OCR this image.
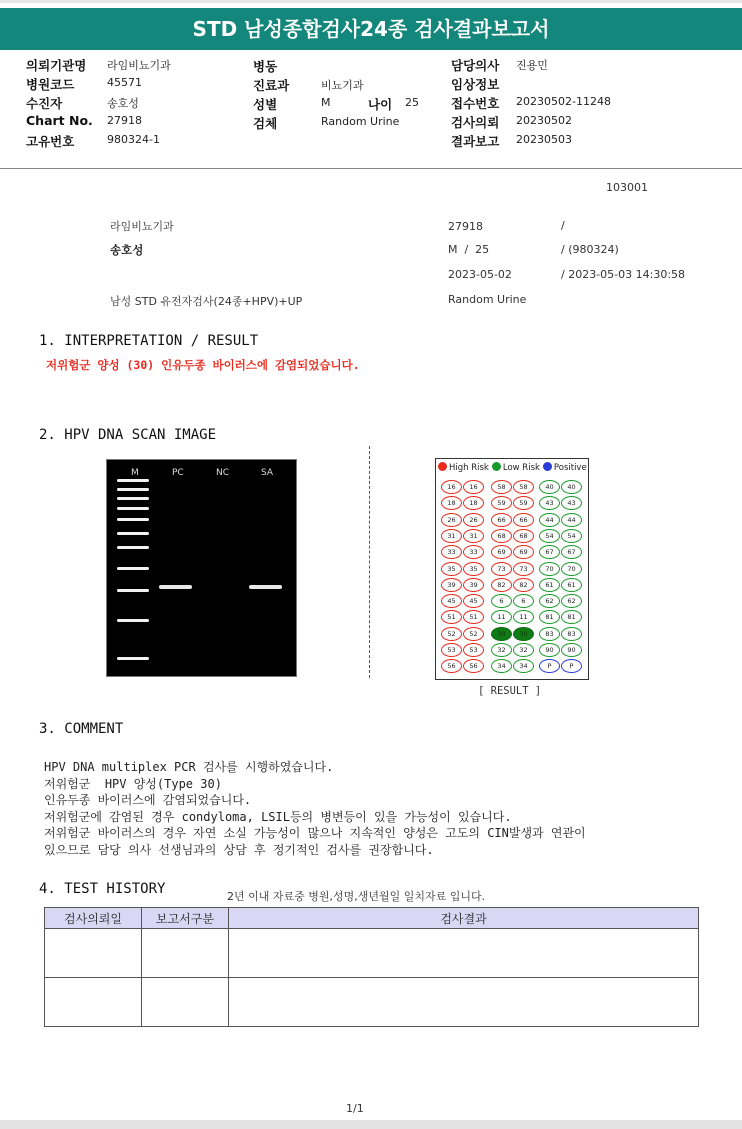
STD 남성종합검사24종 검사결과보고서
의뢰기관명 라임비뇨기과
병원코드	45571
수진자	송호성
Chart No. 27918
고유번호	980324-1
병동
진료과	비뇨기과
성별	M	나이 25
검체	Random Urine
담당의사 진용민
임상정보
접수번호 20230502-11248
검사의뢰 20230502
결과보고 20230503
103001
라임비뇨기과	27918	/
송호성	M  /  25	/ (980324)
2023-05-02	/ 2023-05-03 14:30:58
남성 STD 유전자검사(24종+HPV)+UP	Random Urine
1. INTERPRETATION / RESULT
저위험군 양성 (30) 인유두종 바이러스에 감염되었습니다.
2. HPV DNA SCAN IMAGE
M	PC	NC	SA	High Risk Low Risk Positive
16	16	58	58	40	40
18	18	59	59	43	43
26	26	66	66	44	44
31	31	68	68	54	54
33	33	69	69	67	67
35	35	73	73	70	70
39	39	82	82	61	61
45	45	6	6	62	62
51	51	11	11	81	81
52	52	30	30	83	83
53	53	32	32	90	90
56	56	34	34	P	P
[ RESULT ]
3. COMMENT
HPV DNA multiplex PCR 검사를 시행하였습니다.
저위험군  HPV 양성(Type 30)
인유두종 바이러스에 감염되었습니다.
저위험군에 감염된 경우 condyloma, LSIL등의 병변등이 있을 가능성이 있습니다.
저위험군 바이러스의 경우 자연 소실 가능성이 많으나 지속적인 양성은 고도의 CIN발생과 연관이
있으므로 담당 의사 선생님과의 상담 후 정기적인 검사를 권장합니다.
4. TEST HISTORY	2년 이내 자료중 병원,성명,생년월일 일치자료 입니다.
검사의뢰일	보고서구분	검사결과

1/1
